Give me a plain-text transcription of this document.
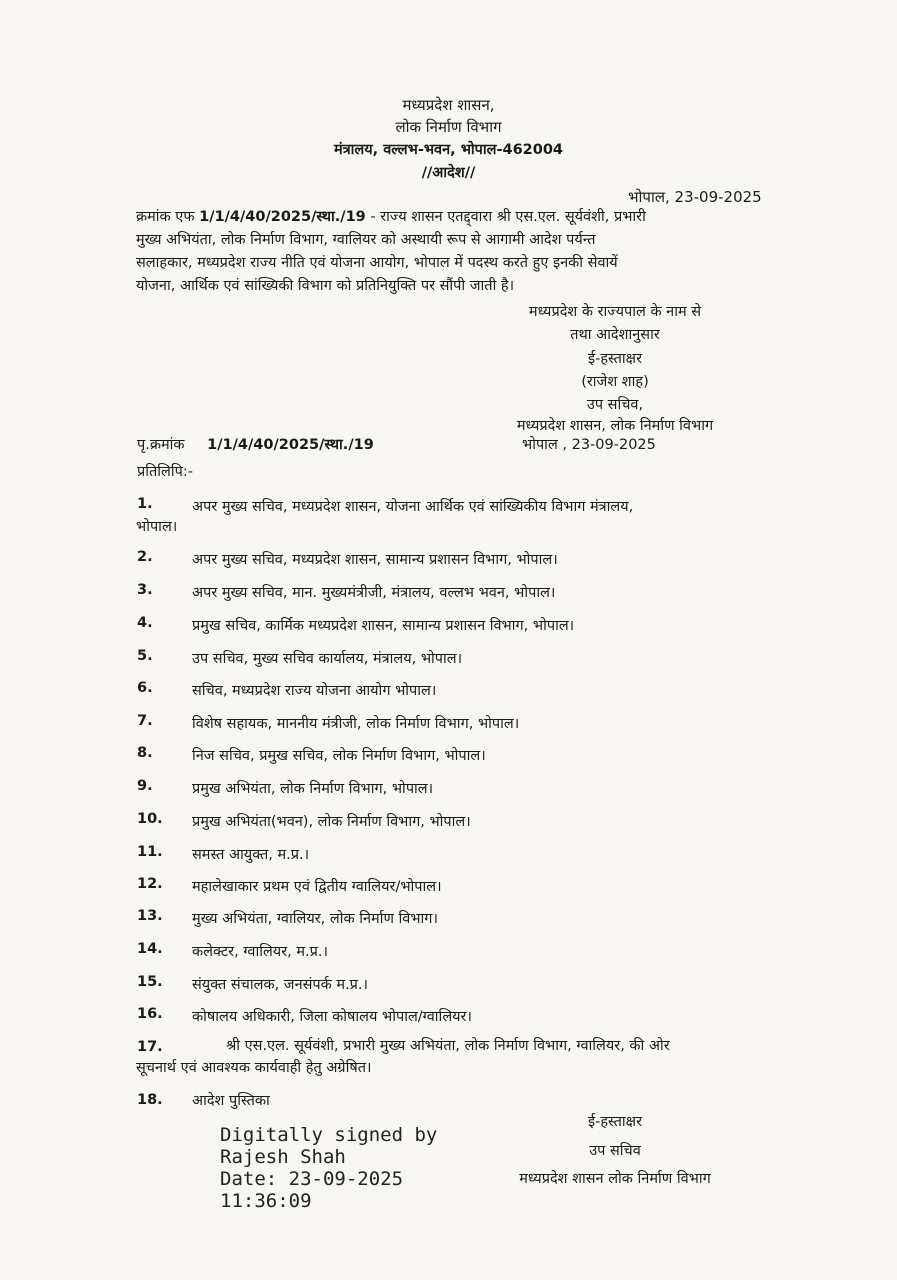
मध्यप्रदेश शासन,
लोक निर्माण विभाग
मंत्रालय, वल्लभ-भवन, भोपाल-462004
//आदेश//
भोपाल, 23-09-2025
क्रमांक एफ 1/1/4/40/2025/स्था./19 - राज्य शासन एतद्द्वारा श्री एस.एल. सूर्यवंशी, प्रभारी
मुख्य अभियंता, लोक निर्माण विभाग, ग्वालियर को अस्थायी रूप से आगामी आदेश पर्यन्त
सलाहकार, मध्यप्रदेश राज्य नीति एवं योजना आयोग, भोपाल में पदस्थ करते हुए इनकी सेवायें
योजना, आर्थिक एवं सांख्यिकी विभाग को प्रतिनियुक्ति पर सौंपी जाती है।
मध्यप्रदेश के राज्यपाल के नाम से
तथा आदेशानुसार
ई-हस्ताक्षर
(राजेश शाह)
उप सचिव,
मध्यप्रदेश शासन, लोक निर्माण विभाग
पृ.क्रमांक 1/1/4/40/2025/स्था./19	भोपाल , 23-09-2025
प्रतिलिपि:-
1.	अपर मुख्य सचिव, मध्यप्रदेश शासन, योजना आर्थिक एवं सांख्यिकीय विभाग मंत्रालय,
भोपाल।
2.	अपर मुख्य सचिव, मध्यप्रदेश शासन, सामान्य प्रशासन विभाग, भोपाल।
3.	अपर मुख्य सचिव, मान. मुख्यमंत्रीजी, मंत्रालय, वल्लभ भवन, भोपाल।
4.	प्रमुख सचिव, कार्मिक मध्यप्रदेश शासन, सामान्य प्रशासन विभाग, भोपाल।
5.	उप सचिव, मुख्य सचिव कार्यालय, मंत्रालय, भोपाल।
6.	सचिव, मध्यप्रदेश राज्य योजना आयोग भोपाल।
7.	विशेष सहायक, माननीय मंत्रीजी, लोक निर्माण विभाग, भोपाल।
8.	निज सचिव, प्रमुख सचिव, लोक निर्माण विभाग, भोपाल।
9.	प्रमुख अभियंता, लोक निर्माण विभाग, भोपाल।
10. प्रमुख अभियंता(भवन), लोक निर्माण विभाग, भोपाल।
11. समस्त आयुक्त, म.प्र.।
12. महालेखाकार प्रथम एवं द्वितीय ग्वालियर/भोपाल।
13. मुख्य अभियंता, ग्वालियर, लोक निर्माण विभाग।
14. कलेक्टर, ग्वालियर, म.प्र.।
15. संयुक्त संचालक, जनसंपर्क म.प्र.।
16. कोषालय अधिकारी, जिला कोषालय भोपाल/ग्वालियर।
17.	श्री एस.एल. सूर्यवंशी, प्रभारी मुख्य अभियंता, लोक निर्माण विभाग, ग्वालियर, की ओर
सूचनार्थ एवं आवश्यक कार्यवाही हेतु अग्रेषित।
18. आदेश पुस्तिका
Digitally signed by
Rajesh Shah
Date: 23-09-2025
11:36:09
ई-हस्ताक्षर
उप सचिव
मध्यप्रदेश शासन लोक निर्माण विभाग
